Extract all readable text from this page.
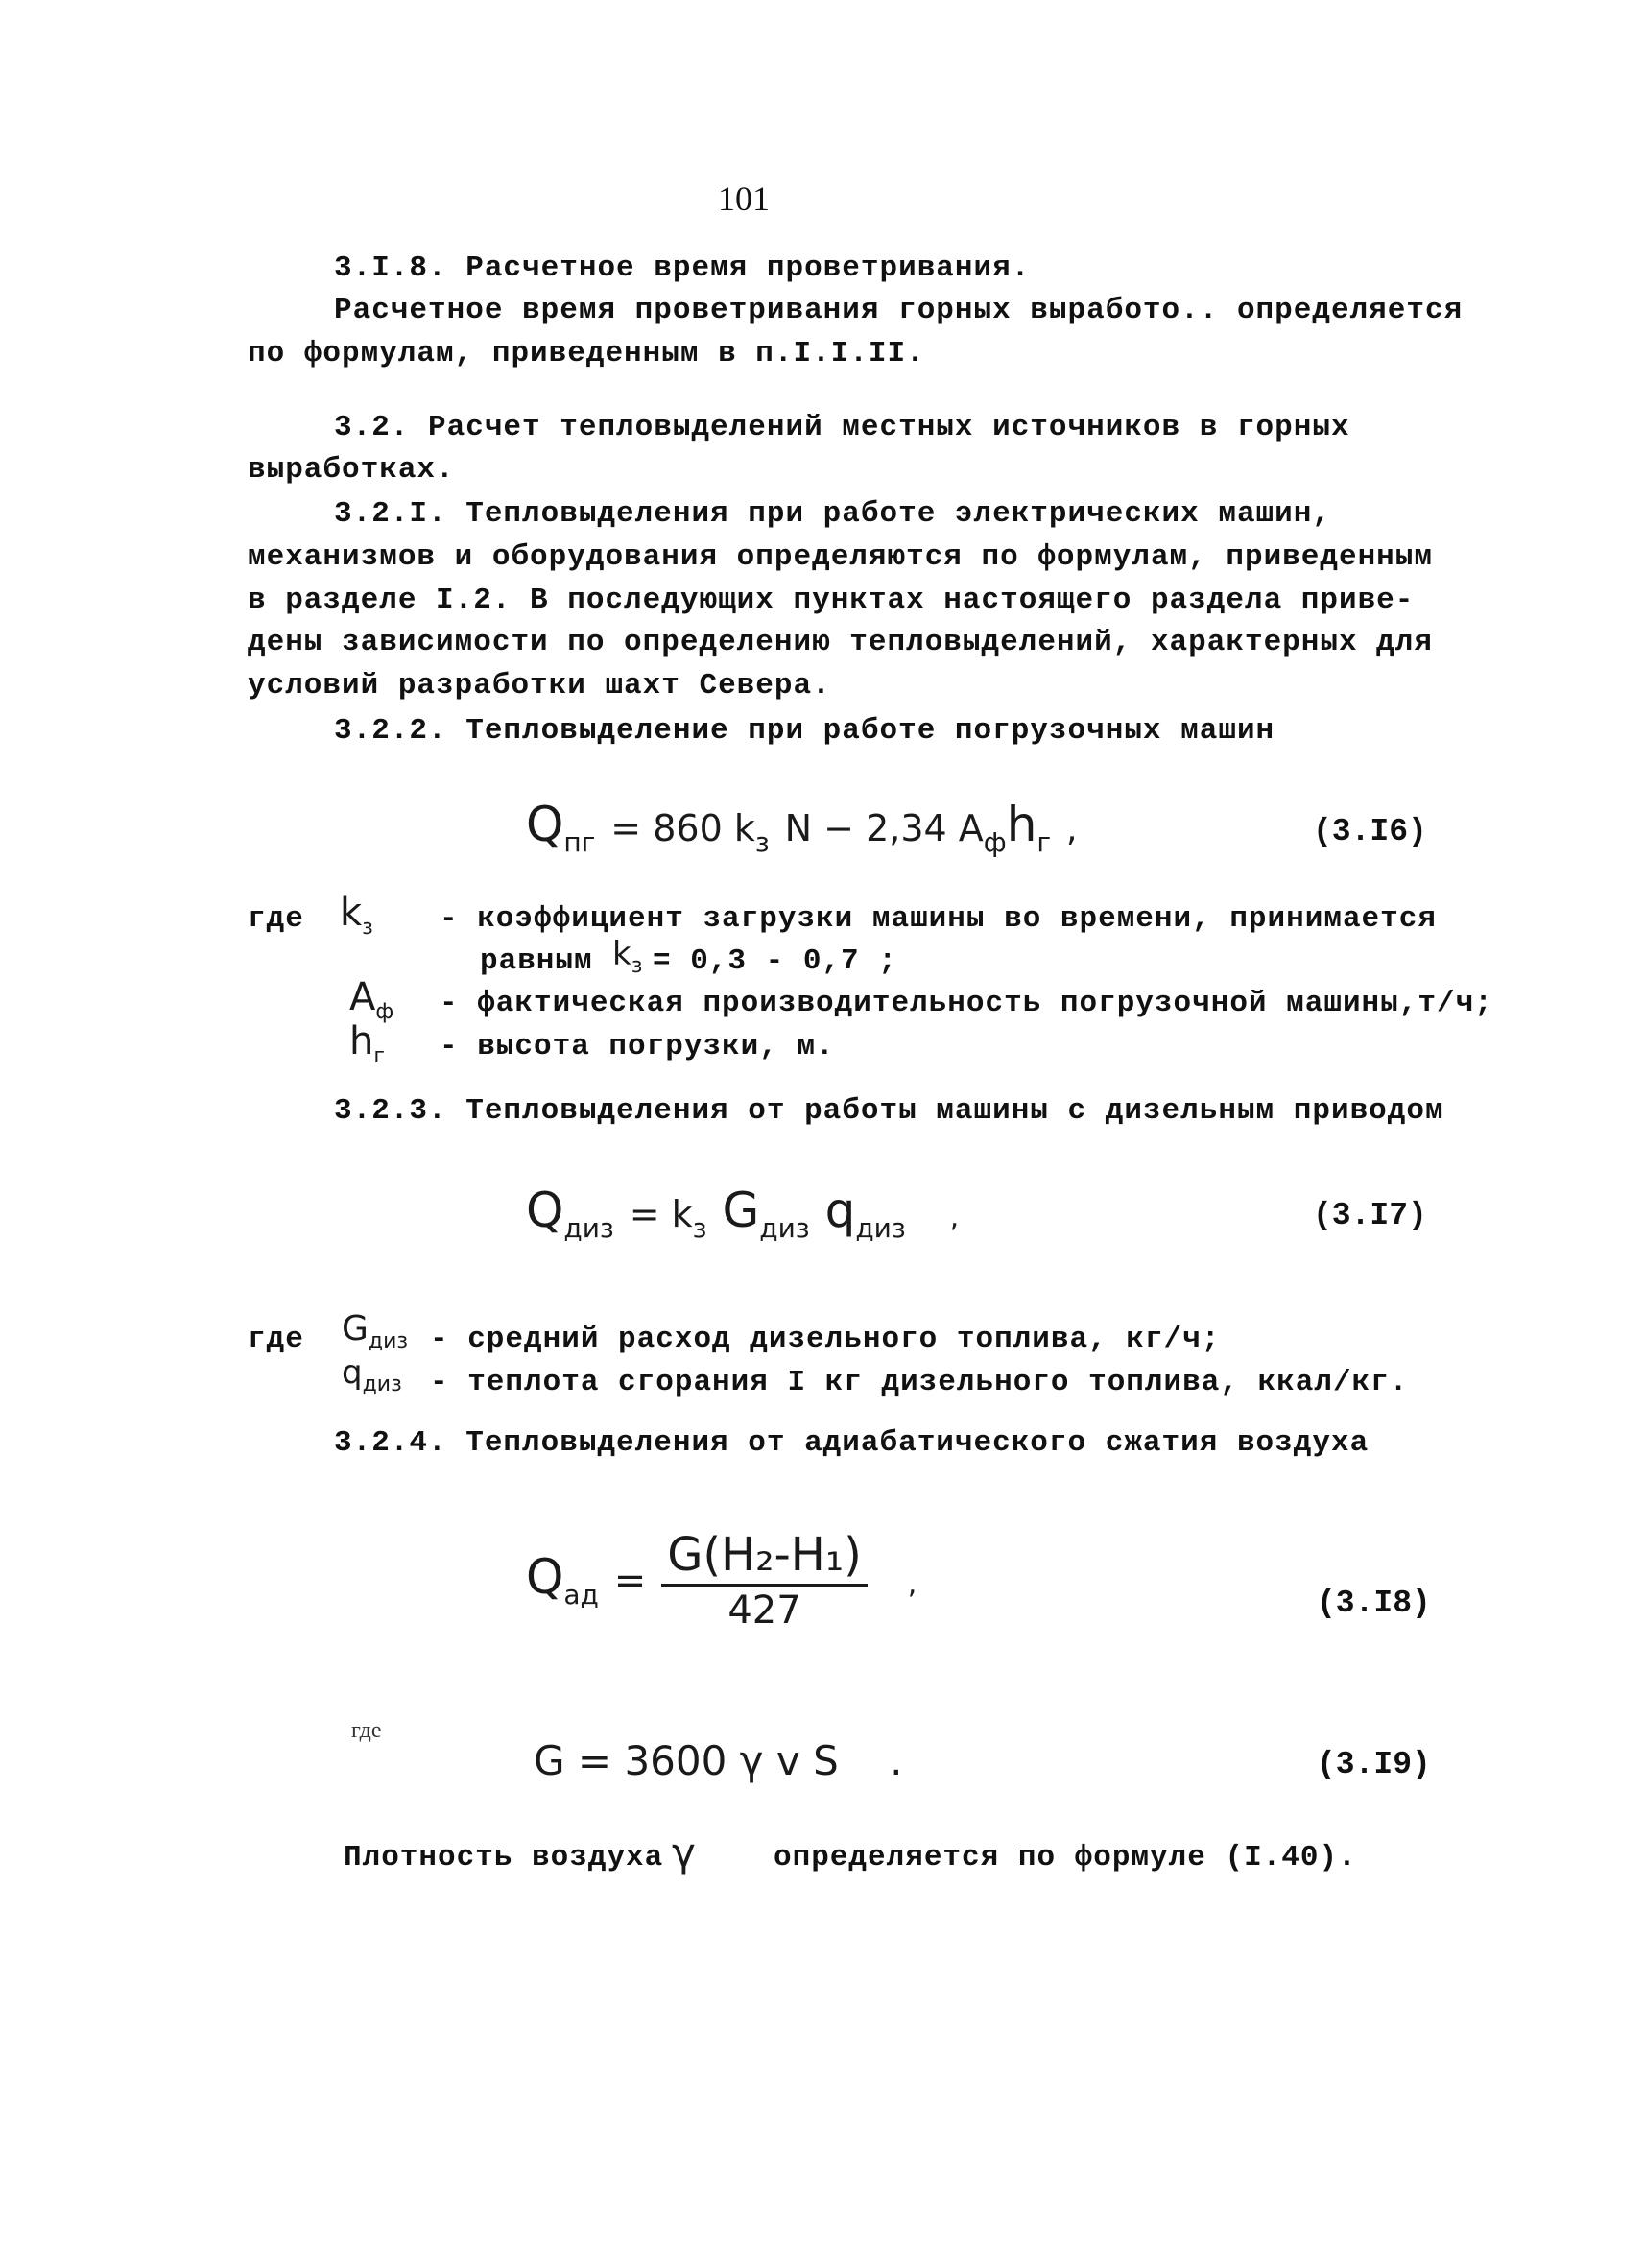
101
3.I.8. Расчетное время проветривания.
Расчетное время проветривания горных выработо.. определяется
по формулам, приведенным в п.I.I.II.
3.2. Расчет тепловыделений местных источников в горных
выработках.
3.2.I. Тепловыделения при работе электрических машин,
механизмов и оборудования определяются по формулам, приведенным
в разделе I.2. В последующих пунктах настоящего раздела приве-
дены зависимости по определению тепловыделений, характерных для
условий разработки шахт Севера.
3.2.2. Тепловыделение при работе погрузочных машин
$Q_{пг} = 860$ $k_з$ N − 2,34 $A_фh_г$ ,	(3.I6)
где $k_з$ - коэффициент загрузки машины во времени, принимается
равным $k_з = 0,3 - 0,7$ ;
$A_ф$ - фактическая производительность погрузочной машины,т/ч;
$h_г$ - высота погрузки, м.
3.2.3. Тепловыделения от работы машины с дизельным приводом
$Q_{диз} = k_з$ $G_{диз}$ $q_{диз}$ ,	(3.I7)
где $G_{диз}$ - средний расход дизельного топлива, кг/ч;
$q_{диз}$ - теплота сгорания I кг дизельного топлива, ккал/кг.
3.2.4. Тепловыделения от адиабатического сжатия воздуха
$Q_{ад} = \frac{\text{G(H₂-H₁)}}{427}$ ,
(3.I8)
где
G = 3600 γ v S .	(3.I9)
Плотность воздуха γ	определяется по формуле (I.40).
